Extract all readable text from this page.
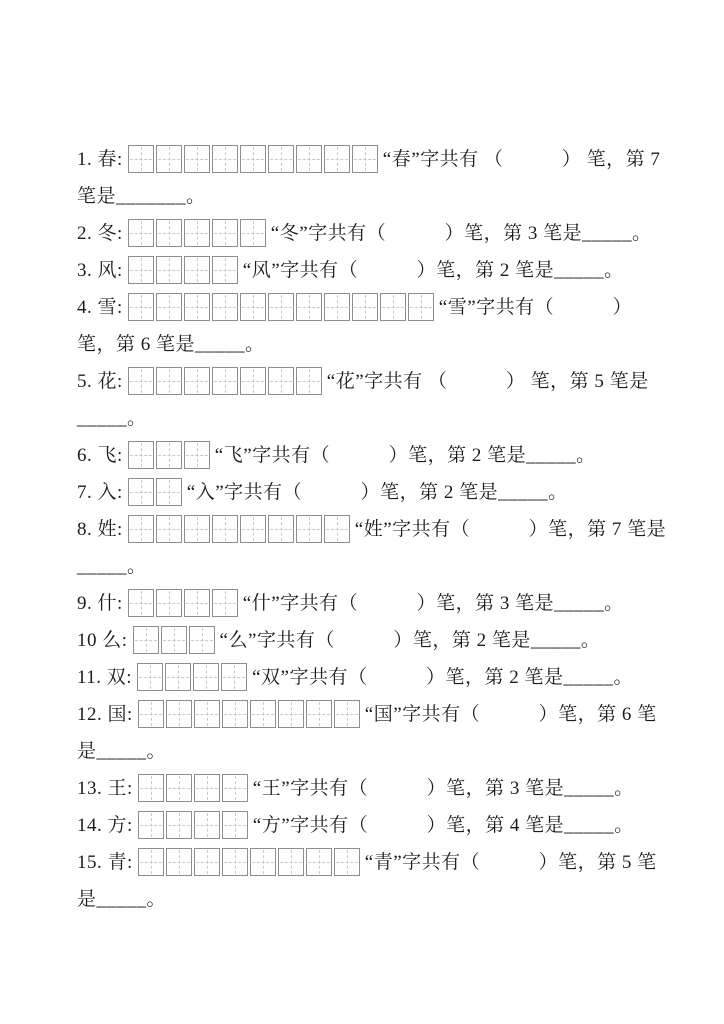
1. 春:	“春”字共有 （　　　） 笔，第 7 笔是_______。
2. 冬:	“冬”字共有（　　　）笔，第 3 笔是_____。
3. 风:	“风”字共有（　　　）笔，第 2 笔是_____。
4. 雪:	“雪”字共有（　　　）笔，第 6 笔是_____。
5. 花:	“花”字共有 （　　　） 笔，第 5 笔是_____。
6. 飞:	“飞”字共有（　　　）笔，第 2 笔是_____。
7. 入:	“入”字共有（　　　）笔，第 2 笔是_____。
8. 姓:	“姓”字共有（　　　）笔，第 7 笔是_____。
9. 什:	“什”字共有（　　　）笔，第 3 笔是_____。
10 么:	“么”字共有（　　　）笔，第 2 笔是_____。
11. 双:	“双”字共有（　　　）笔，第 2 笔是_____。
12. 国:	“国”字共有（　　　）笔，第 6 笔是_____。
13. 王:	“王”字共有（　　　）笔，第 3 笔是_____。
14. 方:	“方”字共有（　　　）笔，第 4 笔是_____。
15. 青:	“青”字共有（　　　）笔，第 5 笔是_____。
